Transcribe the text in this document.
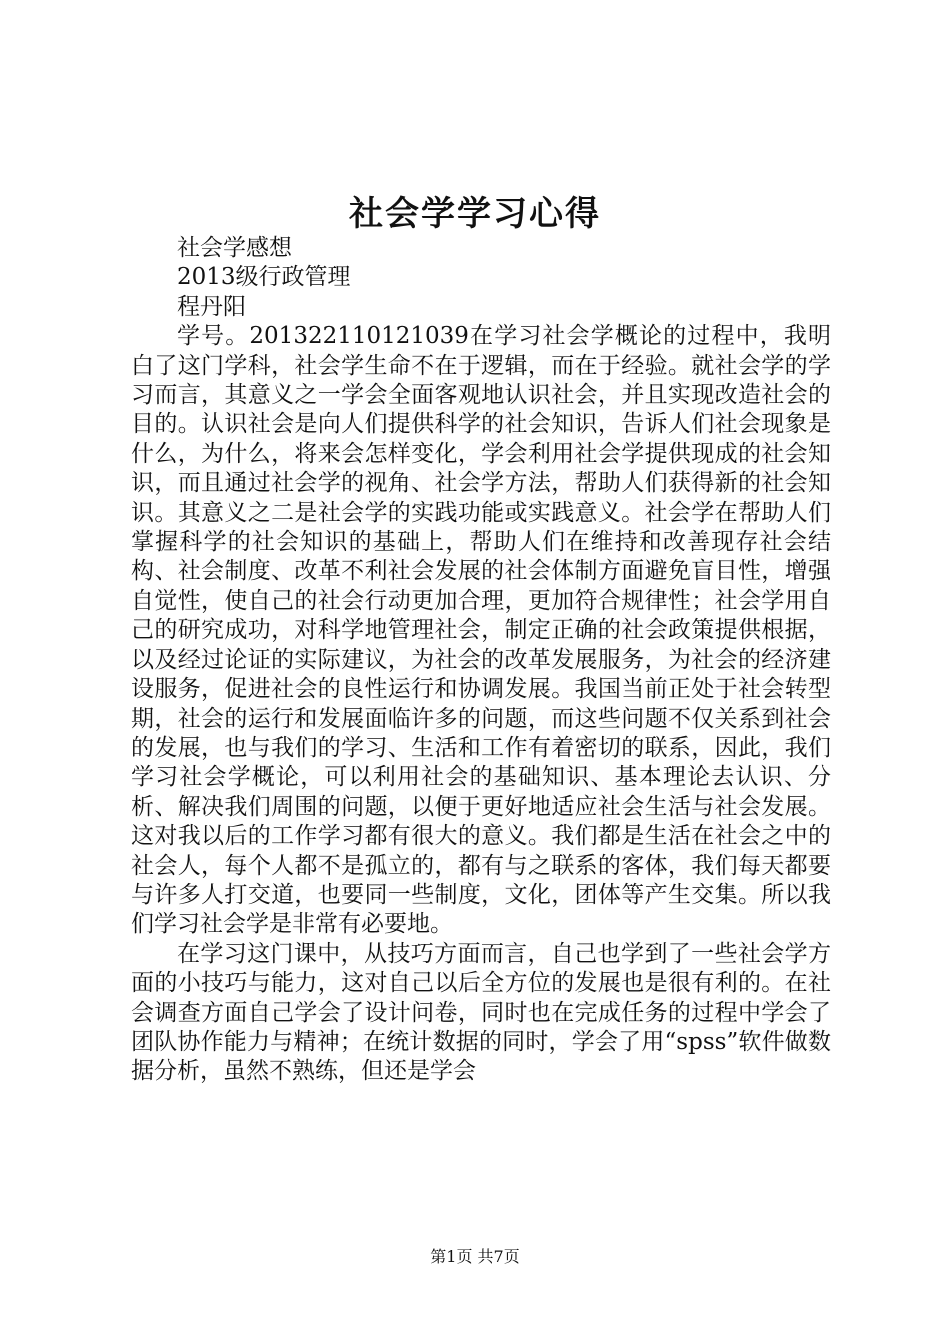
社会学学习心得

社会学感想

2013级行政管理

程丹阳

学号。201322110121039在学习社会学概论的过程中，我明白了这门学科，社会学生命不在于逻辑，而在于经验。就社会学的学习而言，其意义之一学会全面客观地认识社会，并且实现改造社会的目的。认识社会是向人们提供科学的社会知识，告诉人们社会现象是什么，为什么，将来会怎样变化，学会利用社会学提供现成的社会知识，而且通过社会学的视角、社会学方法，帮助人们获得新的社会知识。其意义之二是社会学的实践功能或实践意义。社会学在帮助人们掌握科学的社会知识的基础上，帮助人们在维持和改善现存社会结构、社会制度、改革不利社会发展的社会体制方面避免盲目性，增强自觉性，使自己的社会行动更加合理，更加符合规律性；社会学用自己的研究成功，对科学地管理社会，制定正确的社会政策提供根据，以及经过论证的实际建议，为社会的改革发展服务，为社会的经济建设服务，促进社会的良性运行和协调发展。我国当前正处于社会转型期，社会的运行和发展面临许多的问题，而这些问题不仅关系到社会的发展，也与我们的学习、生活和工作有着密切的联系，因此，我们学习社会学概论，可以利用社会的基础知识、基本理论去认识、分析、解决我们周围的问题，以便于更好地适应社会生活与社会发展。这对我以后的工作学习都有很大的意义。我们都是生活在社会之中的社会人，每个人都不是孤立的，都有与之联系的客体，我们每天都要与许多人打交道，也要同一些制度，文化，团体等产生交集。所以我们学习社会学是非常有必要地。

在学习这门课中，从技巧方面而言，自己也学到了一些社会学方面的小技巧与能力，这对自己以后全方位的发展也是很有利的。在社会调查方面自己学会了设计问卷，同时也在完成任务的过程中学会了团队协作能力与精神；在统计数据的同时，学会了用“spss”软件做数据分析，虽然不熟练，但还是学会

第1页 共7页
